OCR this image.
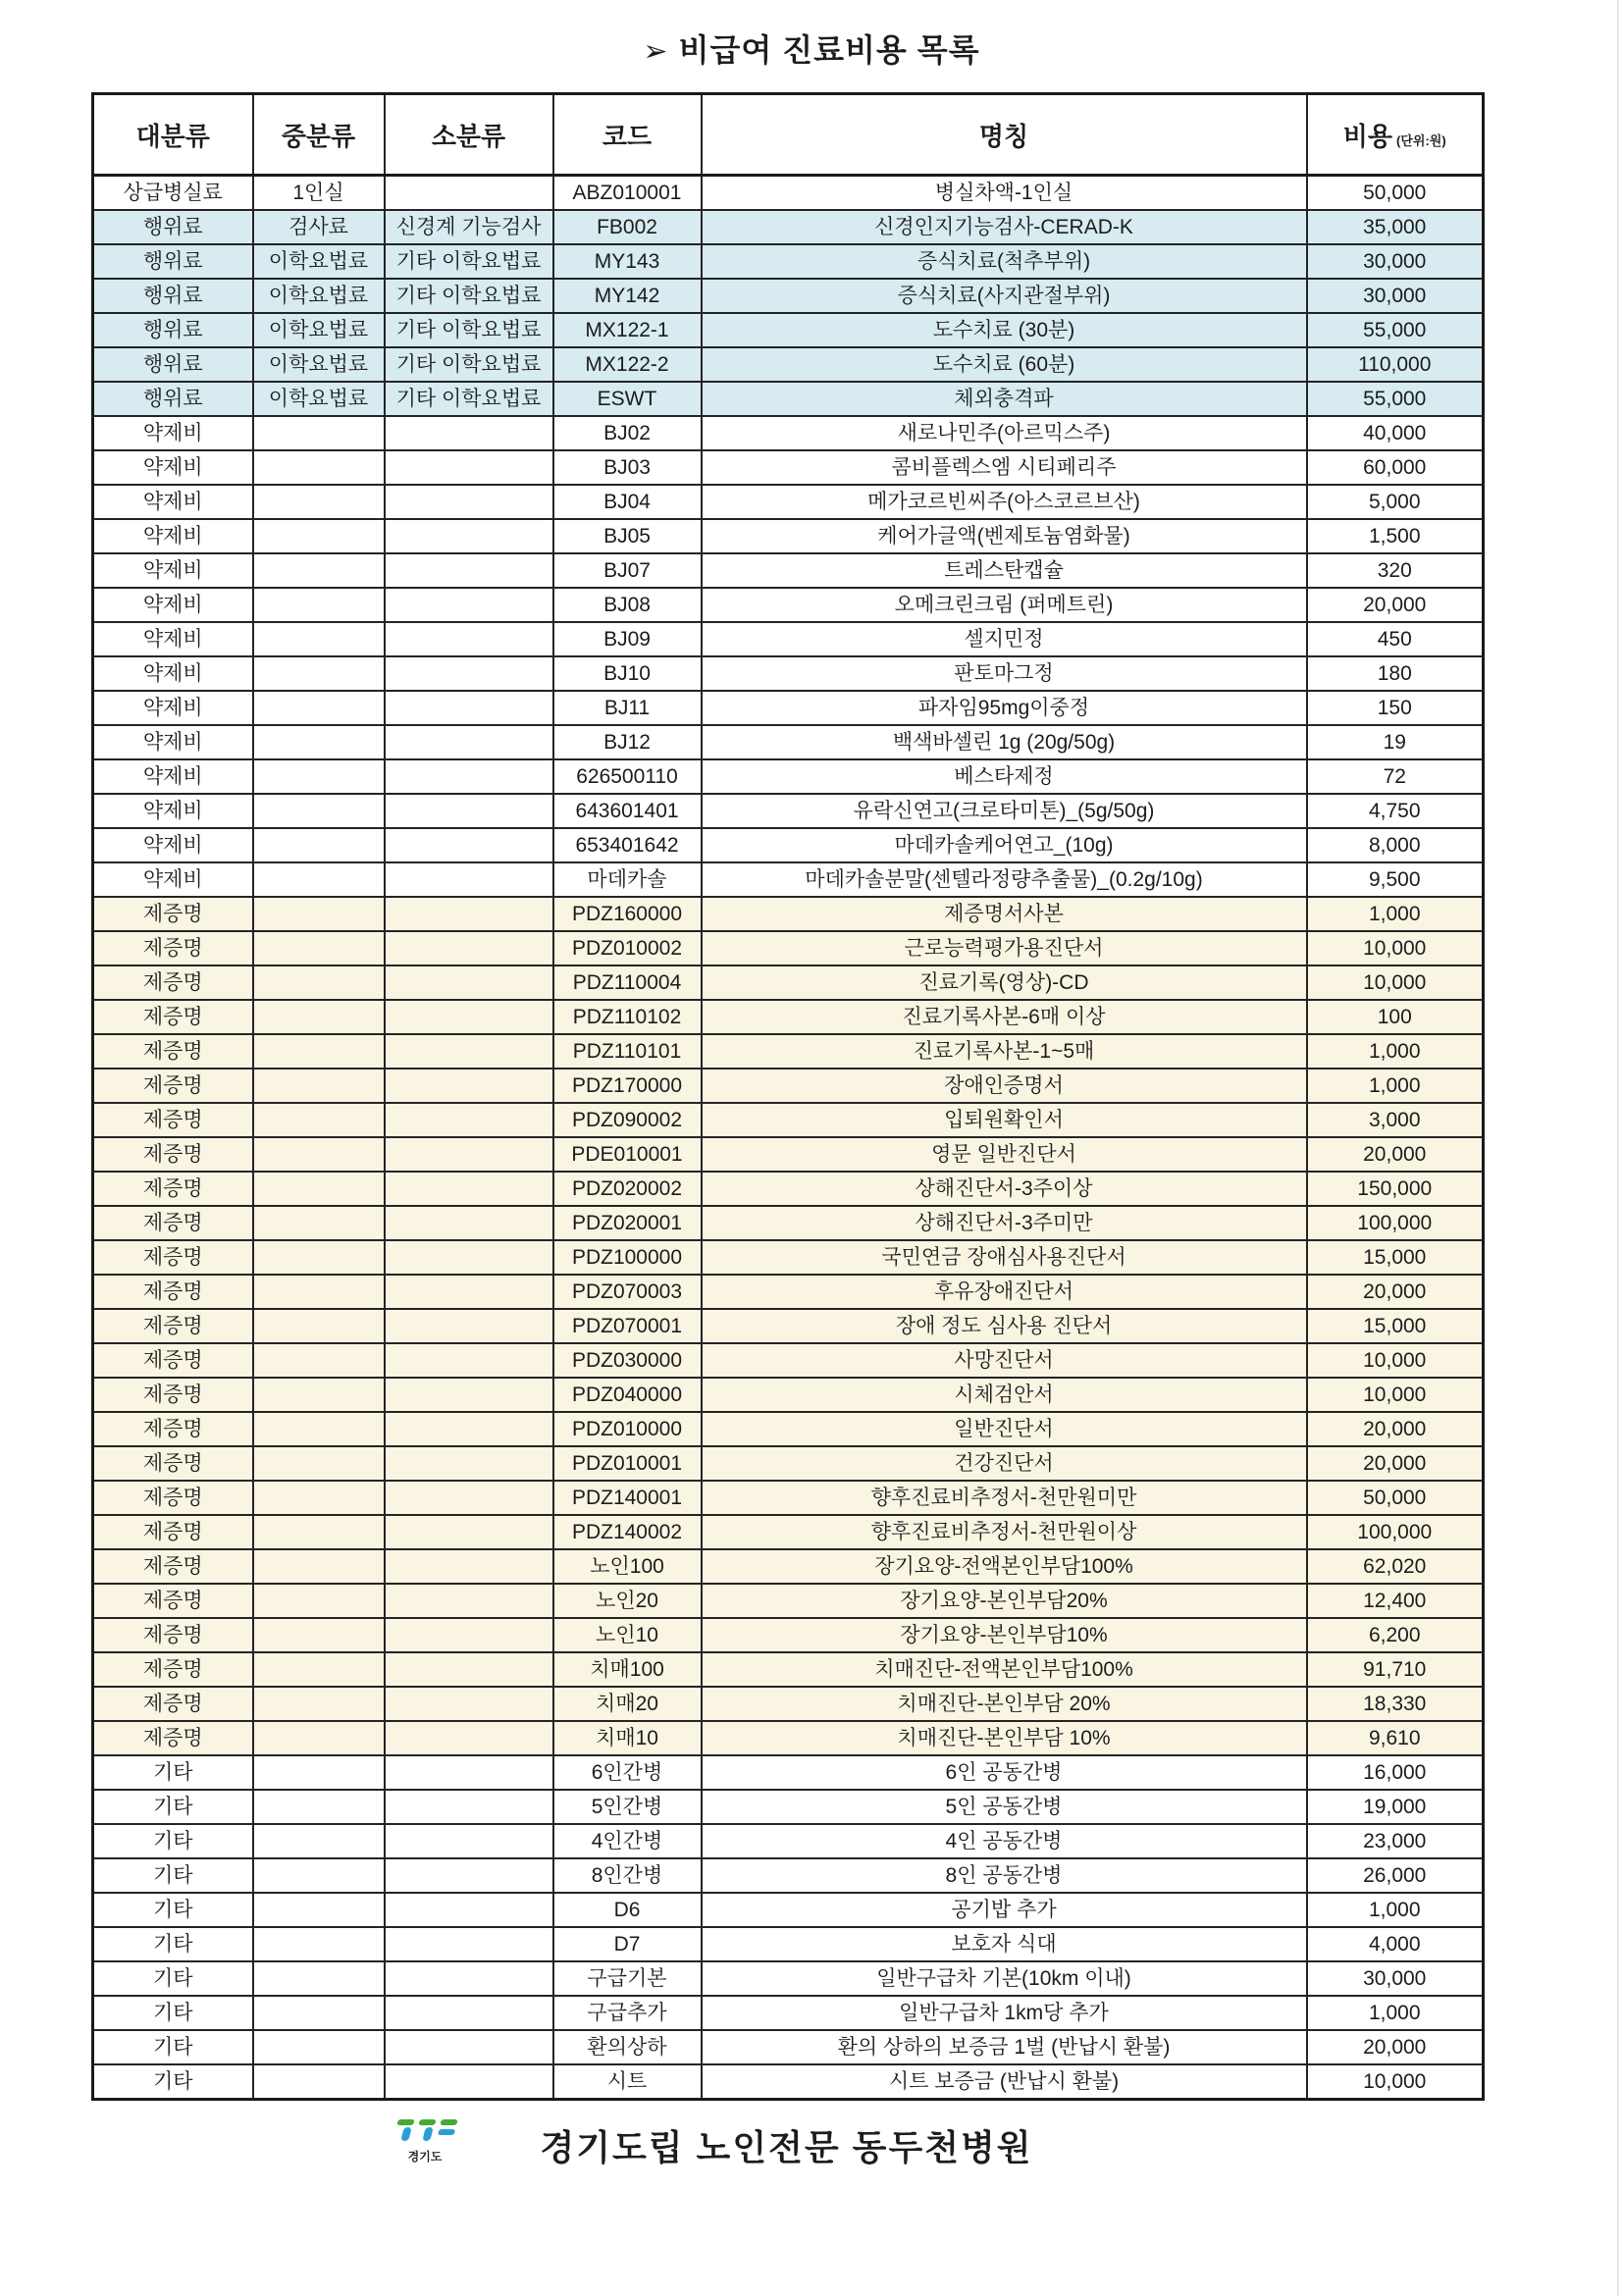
➢ 비급여 진료비용 목록
대분류	중분류	소분류	코드	명칭	비용 (단위:원)
상급병실료	1인실		ABZ010001	병실차액-1인실	50,000
행위료	검사료	신경계 기능검사	FB002	신경인지기능검사-CERAD-K	35,000
행위료	이학요법료	기타 이학요법료	MY143	증식치료(척추부위)	30,000
행위료	이학요법료	기타 이학요법료	MY142	증식치료(사지관절부위)	30,000
행위료	이학요법료	기타 이학요법료	MX122-1	도수치료 (30분)	55,000
행위료	이학요법료	기타 이학요법료	MX122-2	도수치료 (60분)	110,000
행위료	이학요법료	기타 이학요법료	ESWT	체외충격파	55,000
약제비			BJ02	새로나민주(아르믹스주)	40,000
약제비			BJ03	콤비플렉스엠 시티페리주	60,000
약제비			BJ04	메가코르빈씨주(아스코르브산)	5,000
약제비			BJ05	케어가글액(벤제토늄염화물)	1,500
약제비			BJ07	트레스탄캡슐	320
약제비			BJ08	오메크린크림 (퍼메트린)	20,000
약제비			BJ09	셀지민정	450
약제비			BJ10	판토마그정	180
약제비			BJ11	파자임95mg이중정	150
약제비			BJ12	백색바셀린 1g (20g/50g)	19
약제비			626500110	베스타제정	72
약제비			643601401	유락신연고(크로타미톤)_(5g/50g)	4,750
약제비			653401642	마데카솔케어연고_(10g)	8,000
약제비			마데카솔	마데카솔분말(센텔라정량추출물)_(0.2g/10g)	9,500
제증명			PDZ160000	제증명서사본	1,000
제증명			PDZ010002	근로능력평가용진단서	10,000
제증명			PDZ110004	진료기록(영상)-CD	10,000
제증명			PDZ110102	진료기록사본-6매 이상	100
제증명			PDZ110101	진료기록사본-1~5매	1,000
제증명			PDZ170000	장애인증명서	1,000
제증명			PDZ090002	입퇴원확인서	3,000
제증명			PDE010001	영문 일반진단서	20,000
제증명			PDZ020002	상해진단서-3주이상	150,000
제증명			PDZ020001	상해진단서-3주미만	100,000
제증명			PDZ100000	국민연금 장애심사용진단서	15,000
제증명			PDZ070003	후유장애진단서	20,000
제증명			PDZ070001	장애 정도 심사용 진단서	15,000
제증명			PDZ030000	사망진단서	10,000
제증명			PDZ040000	시체검안서	10,000
제증명			PDZ010000	일반진단서	20,000
제증명			PDZ010001	건강진단서	20,000
제증명			PDZ140001	향후진료비추정서-천만원미만	50,000
제증명			PDZ140002	향후진료비추정서-천만원이상	100,000
제증명			노인100	장기요양-전액본인부담100%	62,020
제증명			노인20	장기요양-본인부담20%	12,400
제증명			노인10	장기요양-본인부담10%	6,200
제증명			치매100	치매진단-전액본인부담100%	91,710
제증명			치매20	치매진단-본인부담 20%	18,330
제증명			치매10	치매진단-본인부담 10%	9,610
기타			6인간병	6인 공동간병	16,000
기타			5인간병	5인 공동간병	19,000
기타			4인간병	4인 공동간병	23,000
기타			8인간병	8인 공동간병	26,000
기타			D6	공기밥 추가	1,000
기타			D7	보호자 식대	4,000
기타			구급기본	일반구급차 기본(10km 이내)	30,000
기타			구급추가	일반구급차 1km당 추가	1,000
기타			환의상하	환의 상하의 보증금 1벌 (반납시 환불)	20,000
기타			시트	시트 보증금 (반납시 환불)	10,000
경기도	경기도립 노인전문 동두천병원
